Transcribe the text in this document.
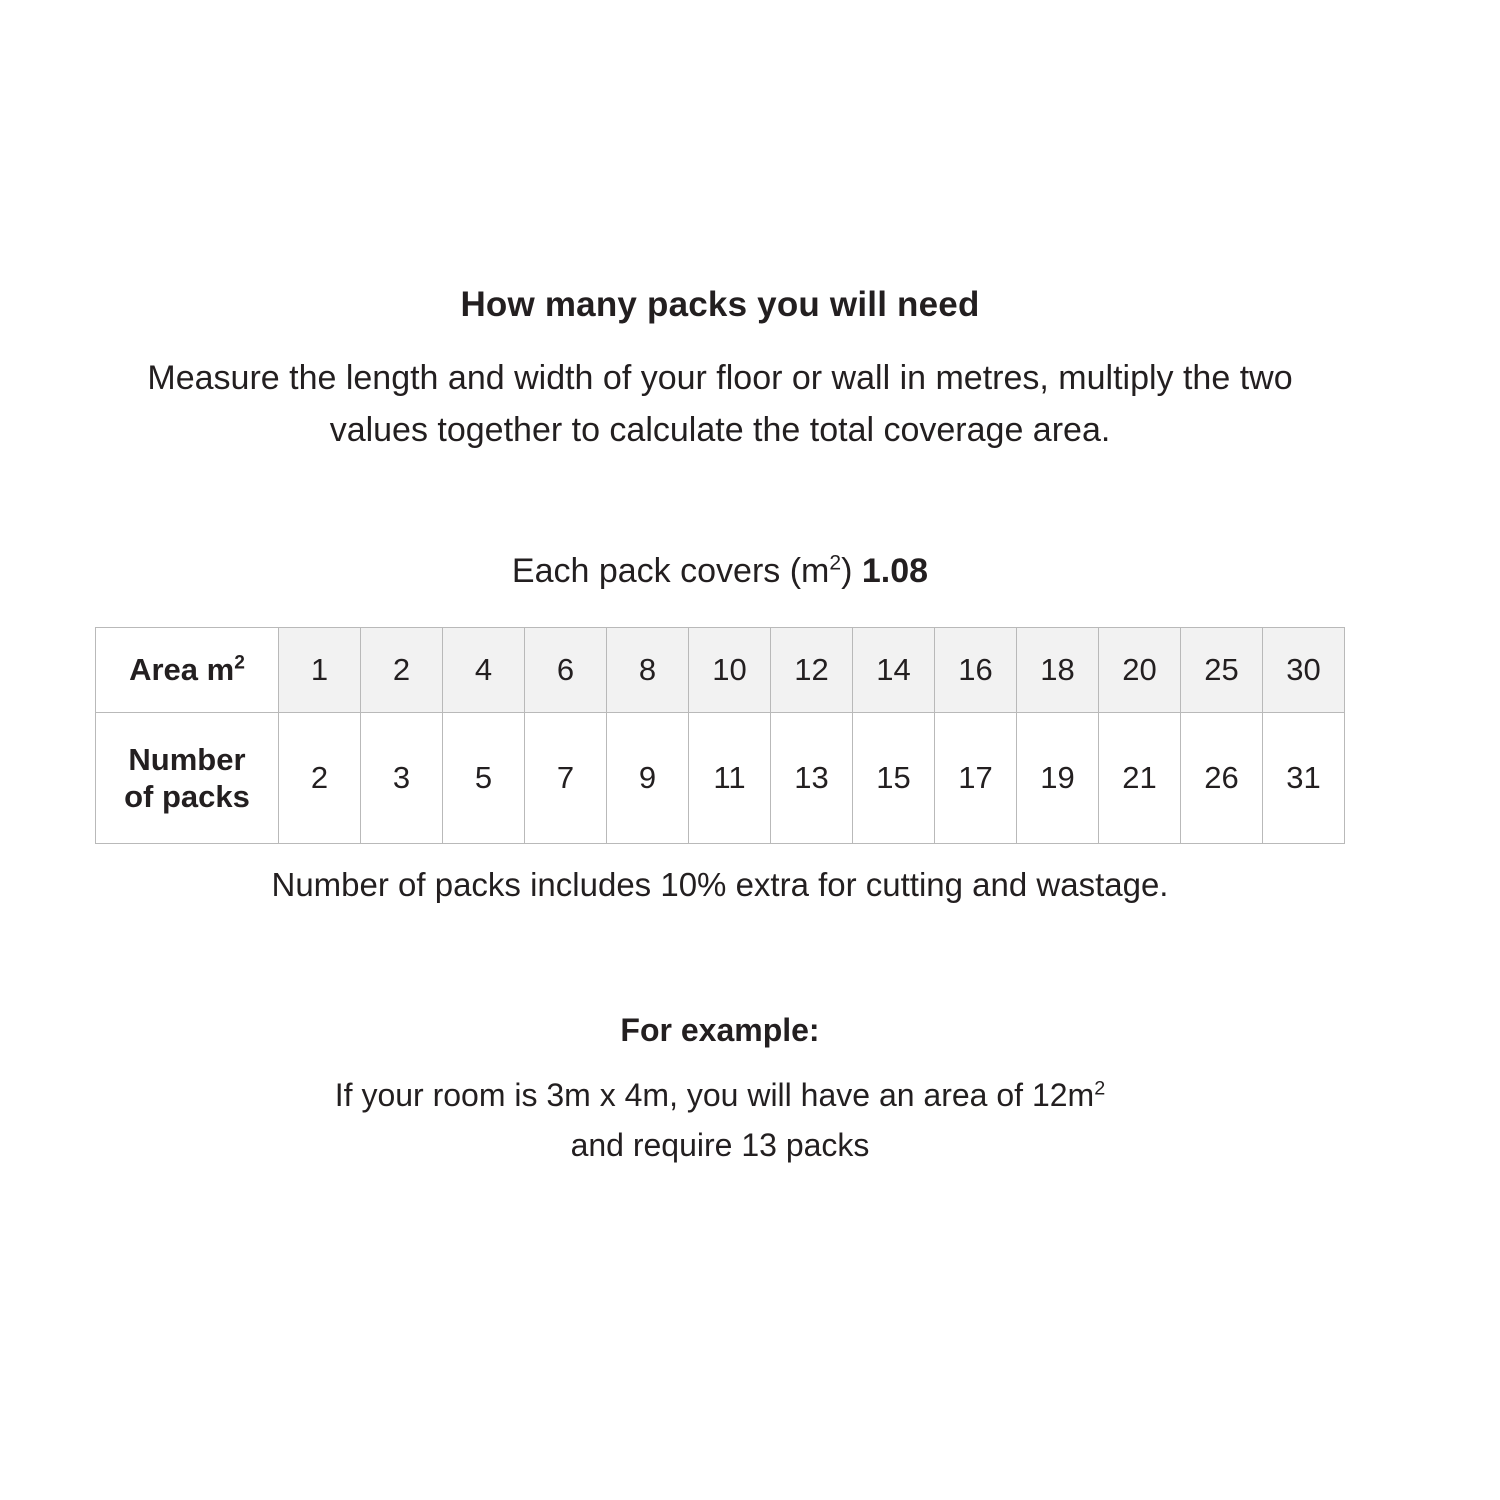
How many packs you will need
Measure the length and width of your floor or wall in metres, multiply the two values together to calculate the total coverage area.
Each pack covers $(m^2)$ 1.08
Area $m^2$	1	2	4	6	8	10	12	14	16	18	20	25	30

Number
of packs	2	3	5	7	9	11	13	15	17	19	21	26	31
Number of packs includes 10% extra for cutting and wastage.
For example:
If your room is 3m x 4m, you will have an area of $12m^2$
and require 13 packs
